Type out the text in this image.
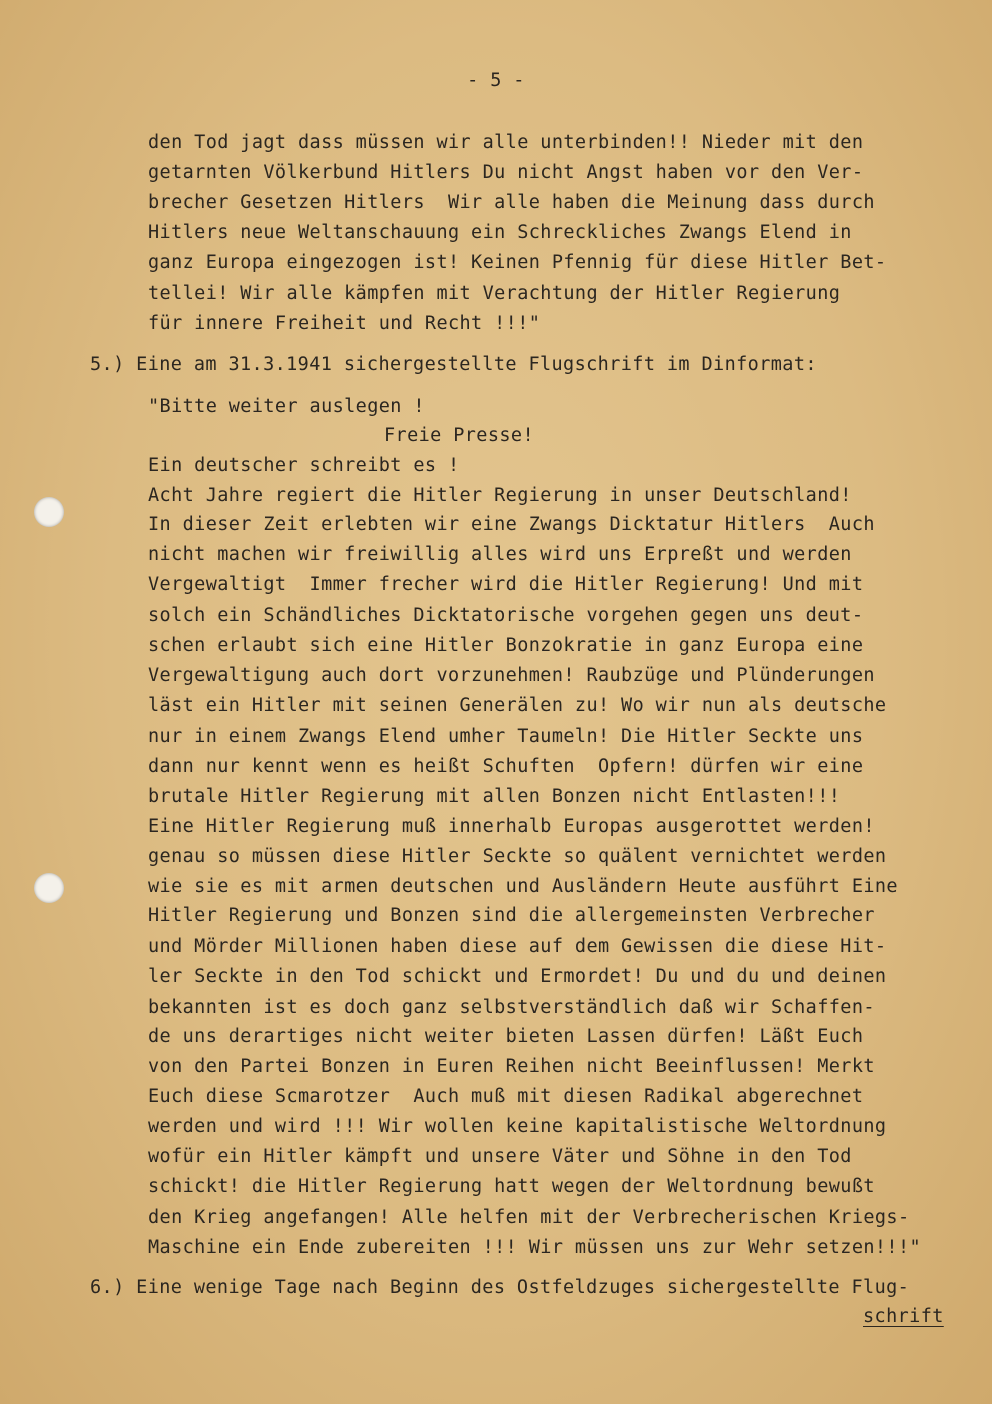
- 5 -
den Tod jagt dass müssen wir alle unterbinden!! Nieder mit den
getarnten Völkerbund Hitlers Du nicht Angst haben vor den Ver-
brecher Gesetzen Hitlers  Wir alle haben die Meinung dass durch
Hitlers neue Weltanschauung ein Schreckliches Zwangs Elend in
ganz Europa eingezogen ist! Keinen Pfennig für diese Hitler Bet-
tellei! Wir alle kämpfen mit Verachtung der Hitler Regierung
für innere Freiheit und Recht !!!"
5.) Eine am 31.3.1941 sichergestellte Flugschrift im Dinformat:
"Bitte weiter auslegen !
Freie Presse!
Ein deutscher schreibt es !
Acht Jahre regiert die Hitler Regierung in unser Deutschland!
In dieser Zeit erlebten wir eine Zwangs Dicktatur Hitlers  Auch
nicht machen wir freiwillig alles wird uns Erpreßt und werden
Vergewaltigt  Immer frecher wird die Hitler Regierung! Und mit
solch ein Schändliches Dicktatorische vorgehen gegen uns deut-
schen erlaubt sich eine Hitler Bonzokratie in ganz Europa eine
Vergewaltigung auch dort vorzunehmen! Raubzüge und Plünderungen
läst ein Hitler mit seinen Generälen zu! Wo wir nun als deutsche
nur in einem Zwangs Elend umher Taumeln! Die Hitler Seckte uns
dann nur kennt wenn es heißt Schuften  Opfern! dürfen wir eine
brutale Hitler Regierung mit allen Bonzen nicht Entlasten!!!
Eine Hitler Regierung muß innerhalb Europas ausgerottet werden!
genau so müssen diese Hitler Seckte so quälent vernichtet werden
wie sie es mit armen deutschen und Ausländern Heute ausführt Eine
Hitler Regierung und Bonzen sind die allergemeinsten Verbrecher
und Mörder Millionen haben diese auf dem Gewissen die diese Hit-
ler Seckte in den Tod schickt und Ermordet! Du und du und deinen
bekannten ist es doch ganz selbstverständlich daß wir Schaffen-
de uns derartiges nicht weiter bieten Lassen dürfen! Läßt Euch
von den Partei Bonzen in Euren Reihen nicht Beeinflussen! Merkt
Euch diese Scmarotzer  Auch muß mit diesen Radikal abgerechnet
werden und wird !!! Wir wollen keine kapitalistische Weltordnung
wofür ein Hitler kämpft und unsere Väter und Söhne in den Tod
schickt! die Hitler Regierung hatt wegen der Weltordnung bewußt
den Krieg angefangen! Alle helfen mit der Verbrecherischen Kriegs-
Maschine ein Ende zubereiten !!! Wir müssen uns zur Wehr setzen!!!"
6.) Eine wenige Tage nach Beginn des Ostfeldzuges sichergestellte Flug-
schrift
